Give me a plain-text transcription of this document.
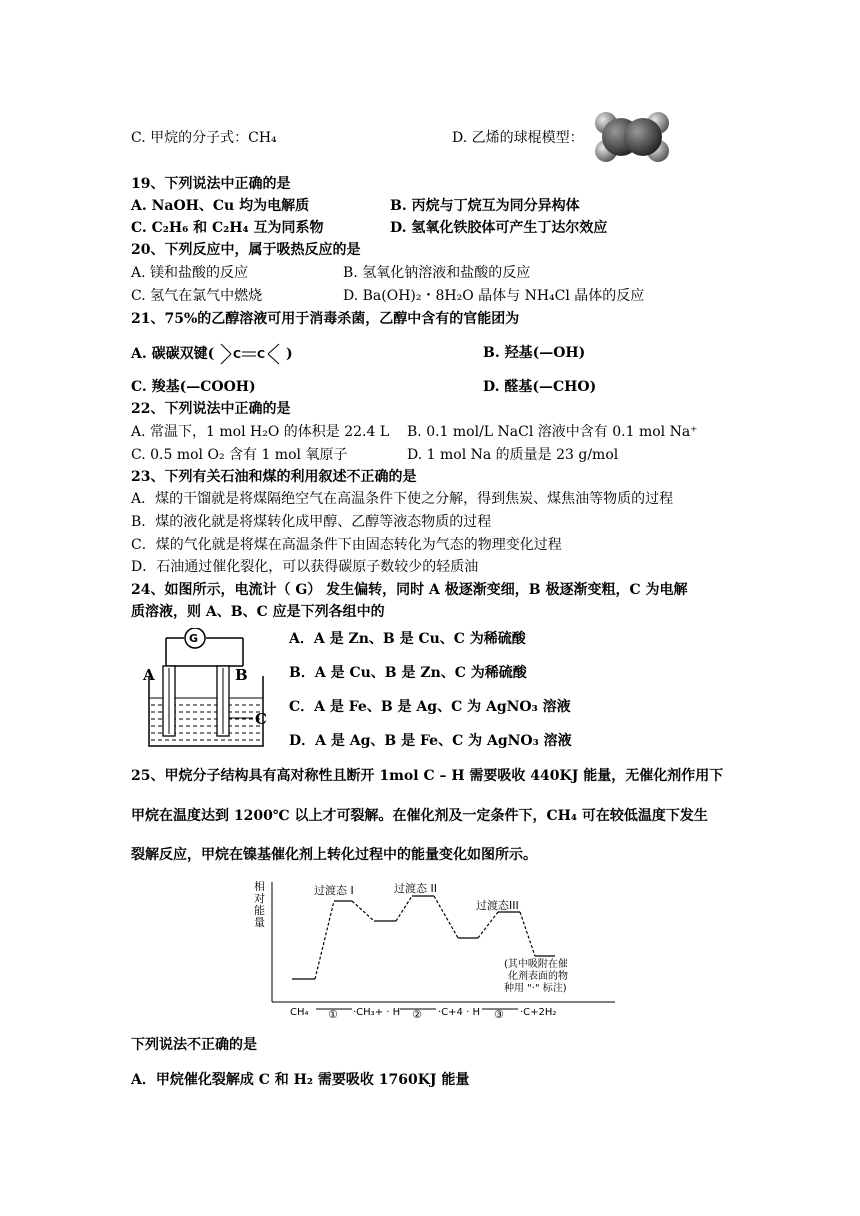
C. 甲烷的分子式：CH₄	D. 乙烯的球棍模型：
19、下列说法中正确的是
A. NaOH、Cu 均为电解质	B. 丙烷与丁烷互为同分异构体
C. C₂H₆ 和 C₂H₄ 互为同系物	D. 氢氧化铁胶体可产生丁达尔效应
20、下列反应中，属于吸热反应的是
A. 镁和盐酸的反应	B. 氢氧化钠溶液和盐酸的反应
C. 氢气在氯气中燃烧	D. Ba(OH)₂・8H₂O 晶体与 NH₄Cl 晶体的反应
21、75%的乙醇溶液可用于消毒杀菌，乙醇中含有的官能团为
A. 碳碳双键( C C )	B. 羟基(—OH)
C. 羧基(—COOH)	D. 醛基(—CHO)
22、下列说法中正确的是
A. 常温下，1 mol H₂O 的体积是 22.4 L B. 0.1 mol/L NaCl 溶液中含有 0.1 mol Na⁺
C. 0.5 mol O₂ 含有 1 mol 氧原子	D. 1 mol Na 的质量是 23 g/mol
23、下列有关石油和煤的利用叙述不正确的是
A．煤的干馏就是将煤隔绝空气在高温条件下使之分解，得到焦炭、煤焦油等物质的过程
B．煤的液化就是将煤转化成甲醇、乙醇等液态物质的过程
C．煤的气化就是将煤在高温条件下由固态转化为气态的物理变化过程
D．石油通过催化裂化，可以获得碳原子数较少的轻质油
24、如图所示，电流计（ G） 发生偏转，同时 A 极逐渐变细，B 极逐渐变粗，C 为电解
质溶液，则 A、B、C 应是下列各组中的
G
A	B
C
A．A 是 Zn、B 是 Cu、C 为稀硫酸
B．A 是 Cu、B 是 Zn、C 为稀硫酸
C．A 是 Fe、B 是 Ag、C 为 AgNO₃ 溶液
D．A 是 Ag、B 是 Fe、C 为 AgNO₃ 溶液
25、甲烷分子结构具有高对称性且断开 1mol C – H 需要吸收 440KJ 能量，无催化剂作用下
甲烷在温度达到 1200℃ 以上才可裂解。在催化剂及一定条件下，CH₄ 可在较低温度下发生
裂解反应，甲烷在镍基催化剂上转化过程中的能量变化如图所示。
相
对
能
量
过渡态 I	过渡态 II
过渡态III
(其中吸附在催
化剂表面的物
种用 "·" 标注)
CH₄	·CH₃+ · H	·C+4 · H	·C+2H₂
①	②	③
下列说法不正确的是
A．甲烷催化裂解成 C 和 H₂ 需要吸收 1760KJ 能量
